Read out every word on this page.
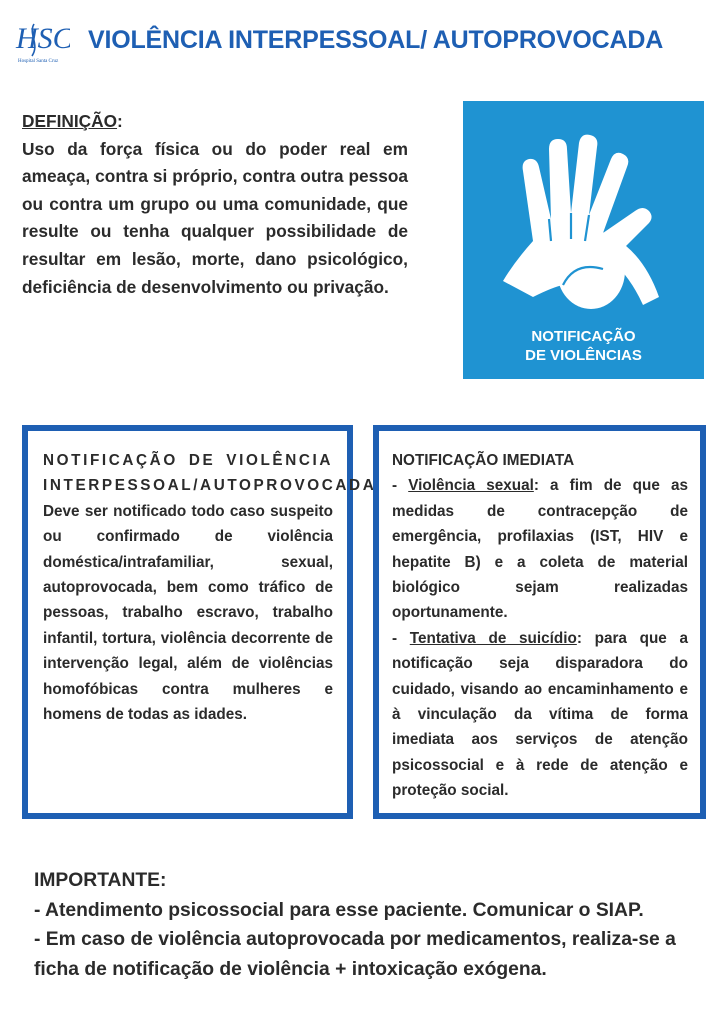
HSC
Hospital Santa Cruz
VIOLÊNCIA INTERPESSOAL/ AUTOPROVOCADA
DEFINIÇÃO:
Uso da força física ou do poder real em ameaça, contra si próprio, contra outra pessoa ou contra um grupo ou uma comunidade, que resulte ou tenha qualquer possibilidade de resultar em lesão, morte, dano psicológico, deficiência de desenvolvimento ou privação.
NOTIFICAÇÃO
DE VIOLÊNCIAS
NOTIFICAÇÃO DE VIOLÊNCIA INTERPESSOAL/AUTOPROVOCADA
Deve ser notificado todo caso suspeito ou confirmado de violência doméstica/intrafamiliar, sexual, autoprovocada, bem como tráfico de pessoas, trabalho escravo, trabalho infantil, tortura, violência decorrente de intervenção legal, além de violências homofóbicas contra mulheres e homens de todas as idades.
NOTIFICAÇÃO IMEDIATA
- Violência sexual: a fim de que as medidas de contracepção de emergência, profilaxias (IST, HIV e hepatite B) e a coleta de material biológico sejam realizadas oportunamente.
- Tentativa de suicídio: para que a notificação seja disparadora do cuidado, visando ao encaminhamento e à vinculação da vítima de forma imediata aos serviços de atenção psicossocial e à rede de atenção e proteção social.

IMPORTANTE:

- Atendimento psicossocial para esse paciente. Comunicar o SIAP.

- Em caso de violência autoprovocada por medicamentos, realiza-se a ficha de notificação de violência + intoxicação exógena.
